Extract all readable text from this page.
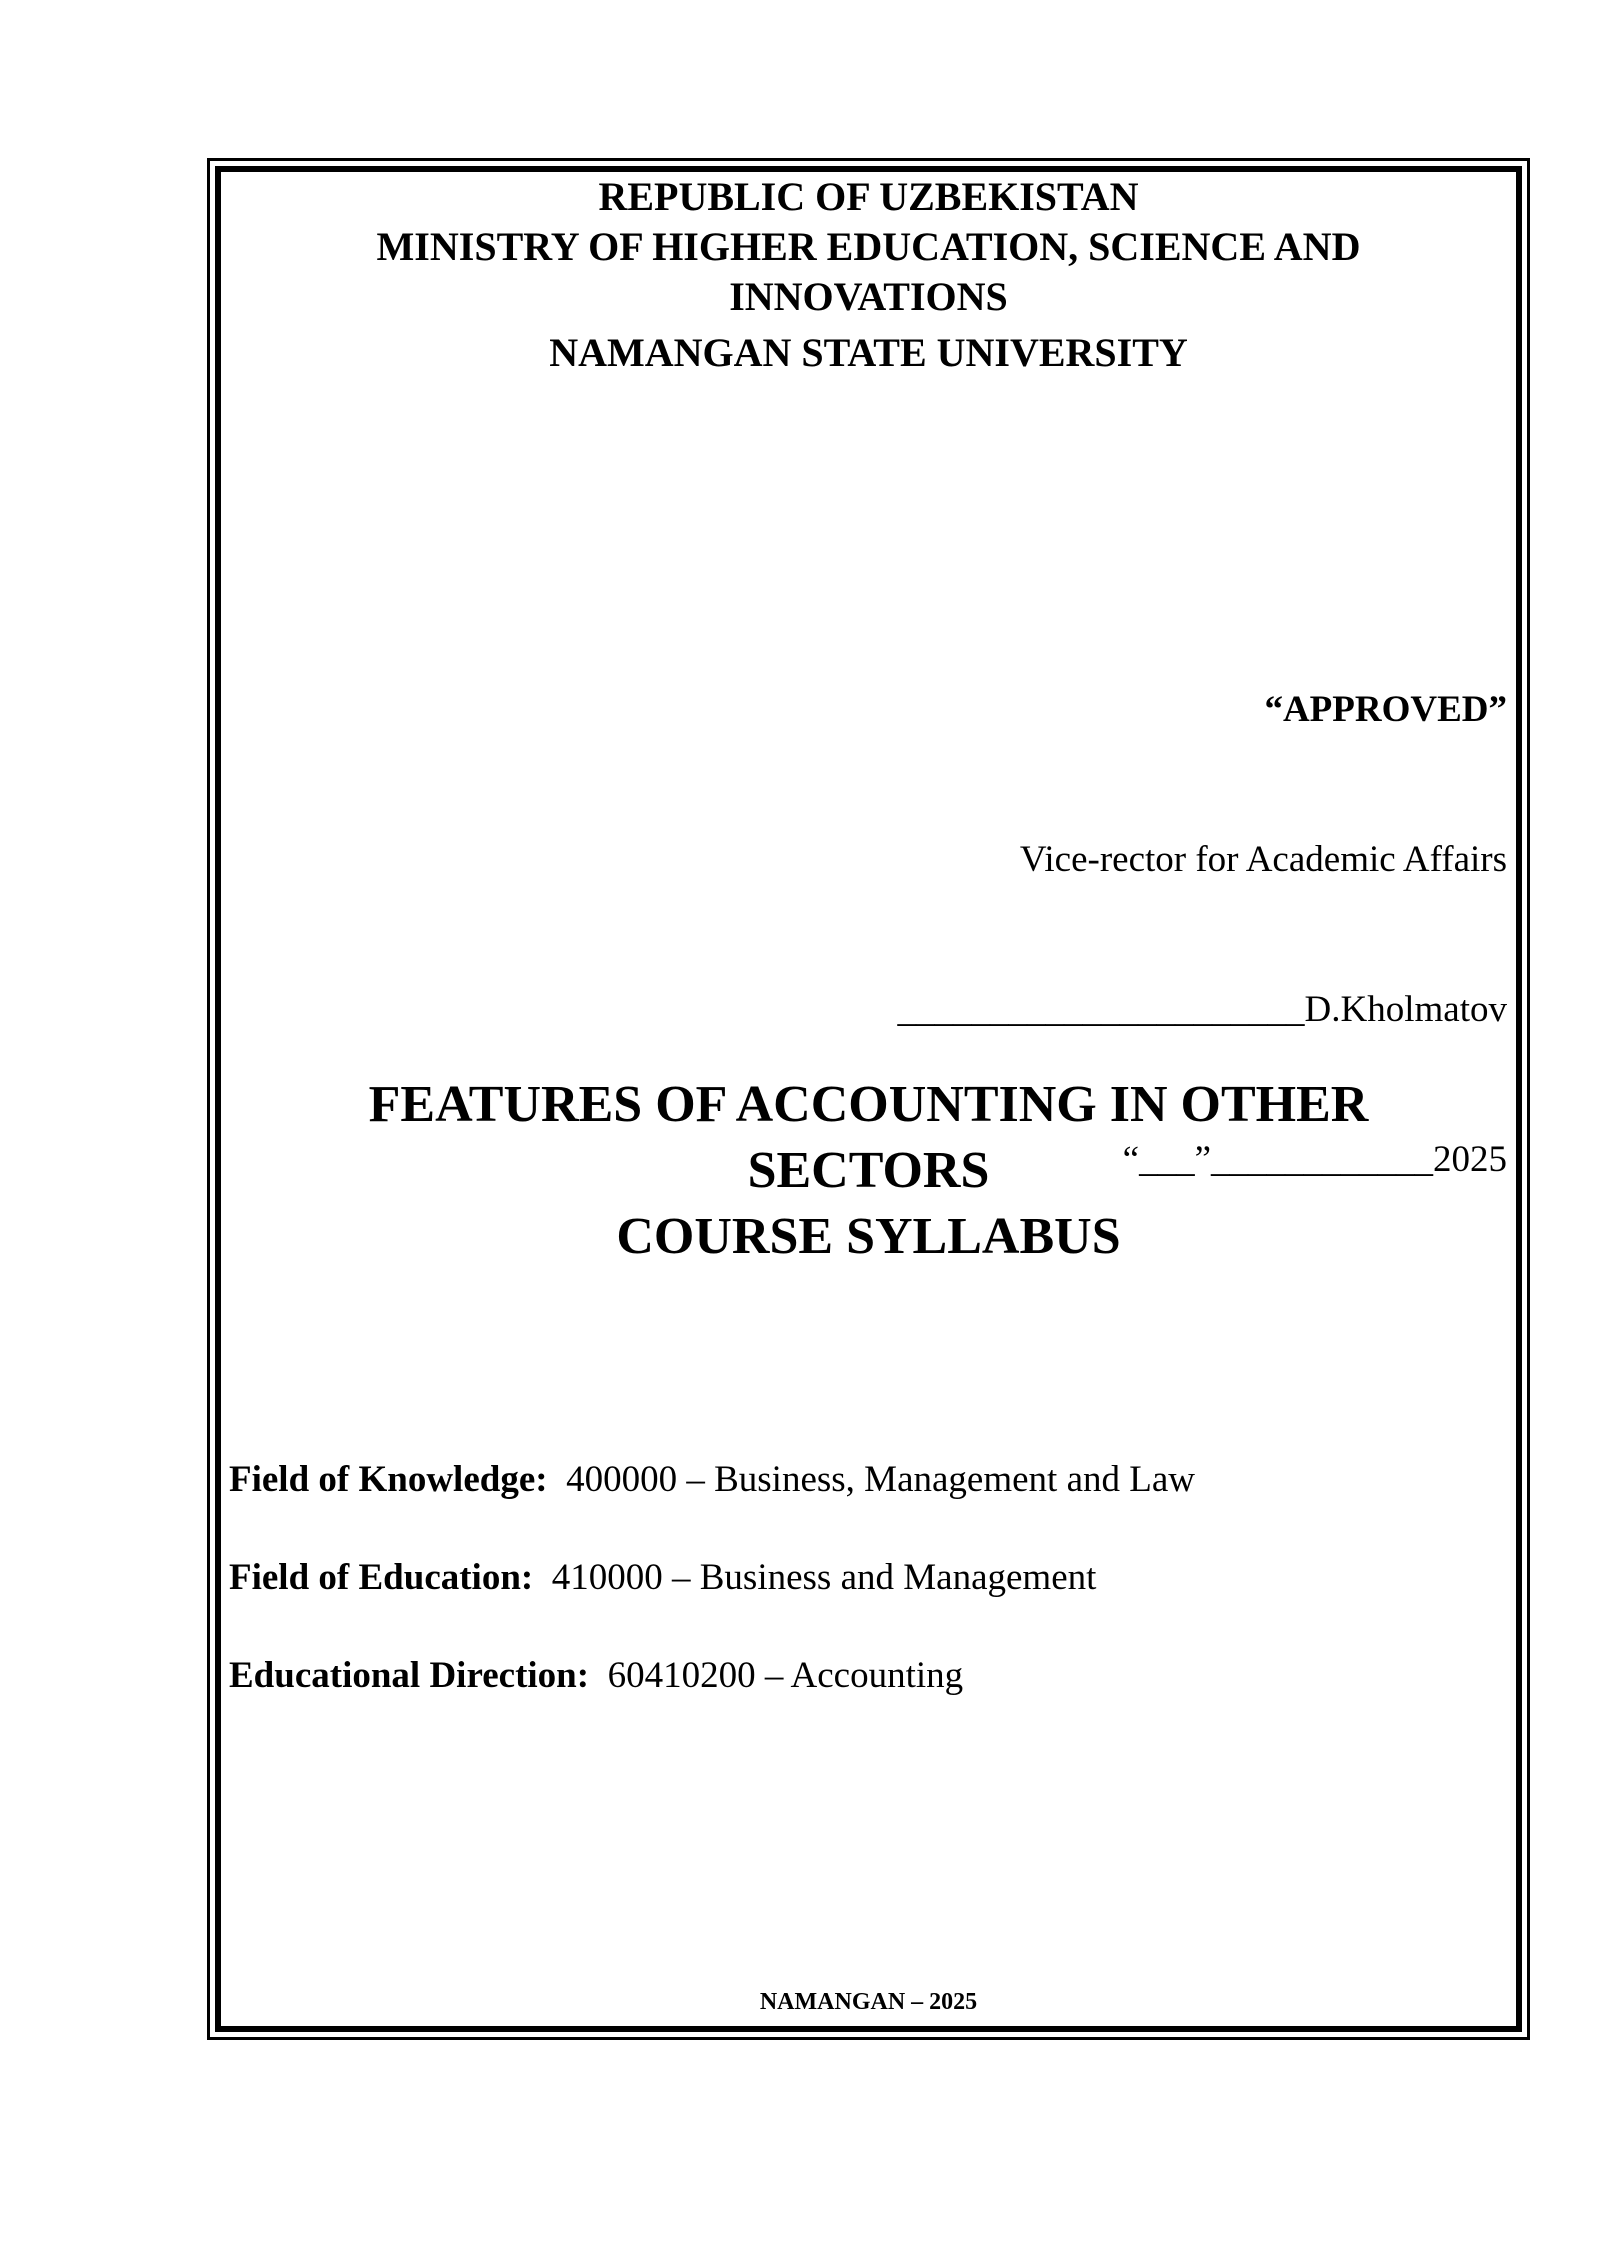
REPUBLIC OF UZBEKISTAN
MINISTRY OF HIGHER EDUCATION, SCIENCE AND
INNOVATIONS
NAMANGAN STATE UNIVERSITY

“APPROVED”

Vice-rector for Academic Affairs

______________________D.Kholmatov

“___”____________2025

FEATURES OF ACCOUNTING IN OTHER
SECTORS
COURSE SYLLABUS
Field of Knowledge: 400000 – Business, Management and Law
Field of Education: 410000 – Business and Management
Educational Direction: 60410200 – Accounting
NAMANGAN – 2025
